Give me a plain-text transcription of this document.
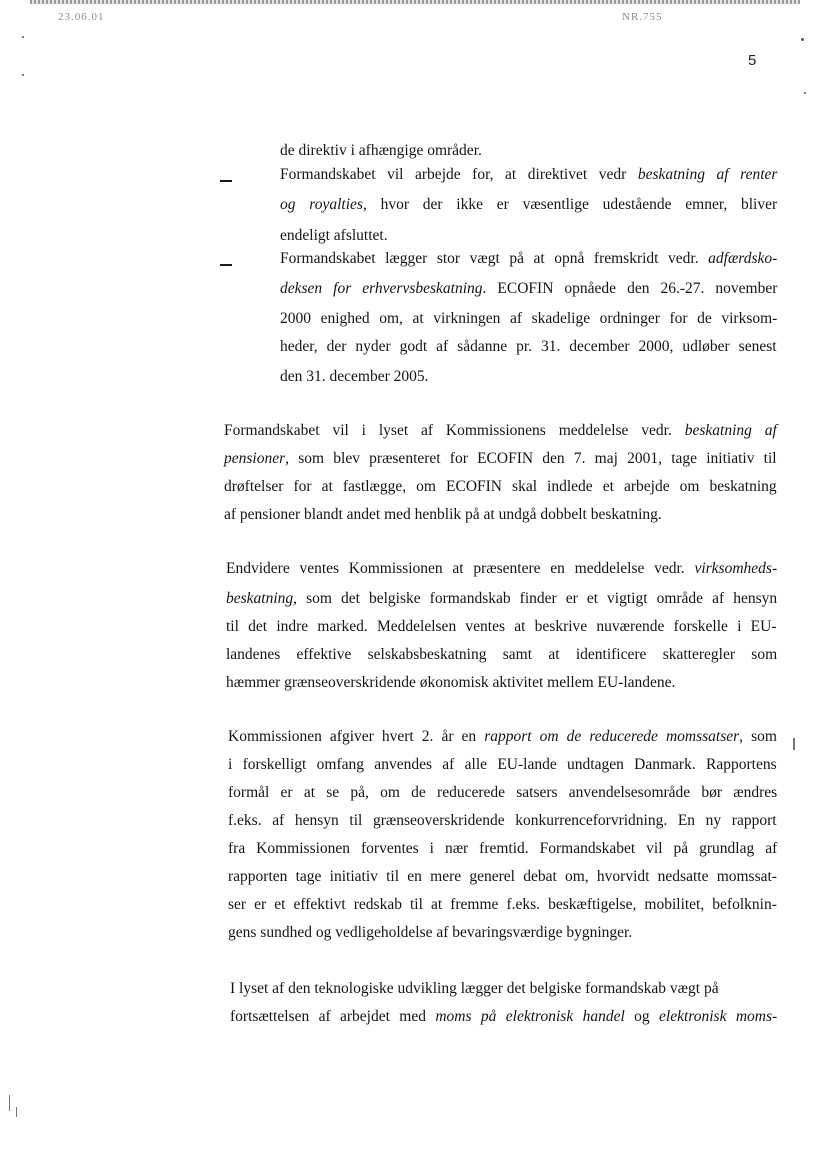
23.06.01	NR.755
5
de direktiv i afhængige områder.
Formandskabet vil arbejde for, at direktivet vedr beskatning af renter
og royalties, hvor der ikke er væsentlige udestående emner, bliver
endeligt afsluttet.
Formandskabet lægger stor vægt på at opnå fremskridt vedr. adfærdsko-
deksen for erhvervsbeskatning. ECOFIN opnåede den 26.-27. november
2000 enighed om, at virkningen af skadelige ordninger for de virksom-
heder, der nyder godt af sådanne pr. 31. december 2000, udløber senest
den 31. december 2005.
Formandskabet vil i lyset af Kommissionens meddelelse vedr. beskatning af
pensioner, som blev præsenteret for ECOFIN den 7. maj 2001, tage initiativ til
drøftelser for at fastlægge, om ECOFIN skal indlede et arbejde om beskatning
af pensioner blandt andet med henblik på at undgå dobbelt beskatning.
Endvidere ventes Kommissionen at præsentere en meddelelse vedr. virksomheds-
beskatning, som det belgiske formandskab finder er et vigtigt område af hensyn
til det indre marked. Meddelelsen ventes at beskrive nuværende forskelle i EU-
landenes effektive selskabsbeskatning samt at identificere skatteregler som
hæmmer grænseoverskridende økonomisk aktivitet mellem EU-landene.
Kommissionen afgiver hvert 2. år en rapport om de reducerede momssatser, som
i forskelligt omfang anvendes af alle EU-lande undtagen Danmark. Rapportens
formål er at se på, om de reducerede satsers anvendelsesområde bør ændres
f.eks. af hensyn til grænseoverskridende konkurrenceforvridning. En ny rapport
fra Kommissionen forventes i nær fremtid. Formandskabet vil på grundlag af
rapporten tage initiativ til en mere generel debat om, hvorvidt nedsatte momssat-
ser er et effektivt redskab til at fremme f.eks. beskæftigelse, mobilitet, befolknin-
gens sundhed og vedligeholdelse af bevaringsværdige bygninger.
I lyset af den teknologiske udvikling lægger det belgiske formandskab vægt på
fortsættelsen af arbejdet med moms på elektronisk handel og elektronisk moms-
